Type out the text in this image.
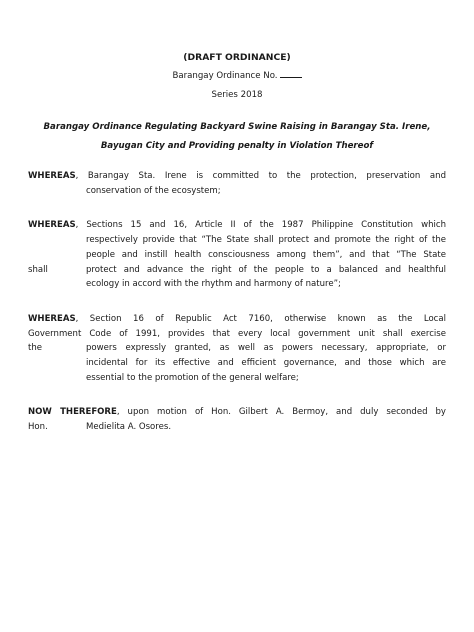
(DRAFT ORDINANCE)
Barangay Ordinance No.
Series 2018
Barangay Ordinance Regulating Backyard Swine Raising in Barangay Sta. Irene,
Bayugan City and Providing penalty in Violation Thereof
WHEREAS, Barangay Sta. Irene is committed to the protection, preservation and
conservation of the ecosystem;
WHEREAS, Sections 15 and 16, Article II of the 1987 Philippine Constitution which
respectively provide that “The State shall protect and promote the right of the
people and instill health consciousness among them”, and that “The State
shall	protect and advance the right of the people to a balanced and healthful
ecology in accord with the rhythm and harmony of nature”;
WHEREAS, Section 16 of Republic Act 7160, otherwise known as the Local
Government Code of 1991, provides that every local government unit shall exercise
the	powers expressly granted, as well as powers necessary, appropriate, or
incidental for its effective and efficient governance, and those which are
essential to the promotion of the general welfare;
NOW THEREFORE, upon motion of Hon. Gilbert A. Bermoy, and duly seconded by
Hon.	Medielita A. Osores.
